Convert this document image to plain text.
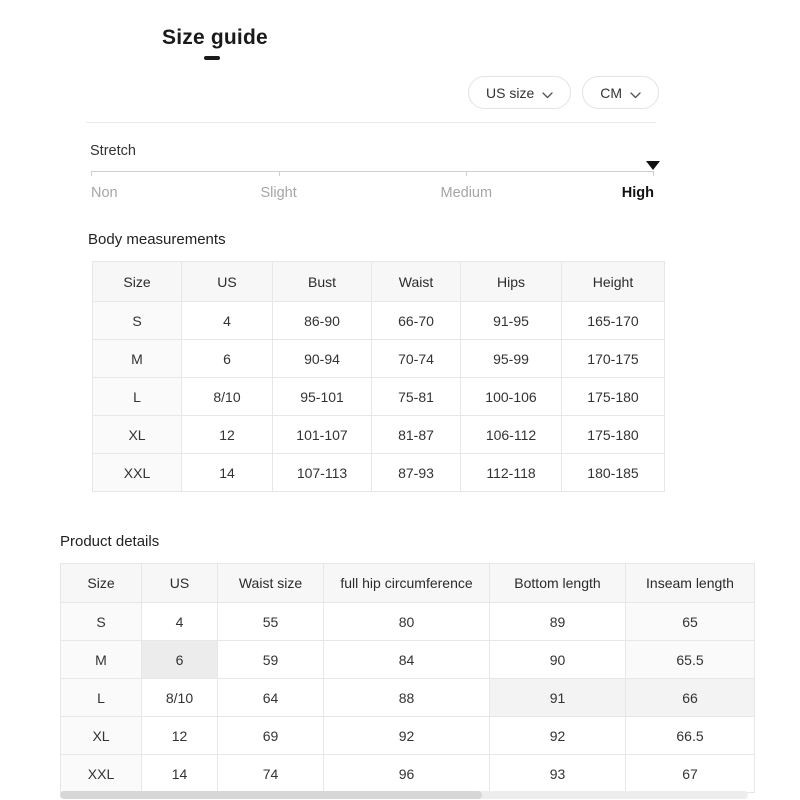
Size guide
US size	CM
Stretch
Non	Slight	Medium	High
Body measurements
Size	US	Bust	Waist	Hips	Height
S	4	86-90	66-70	91-95	165-170
M	6	90-94	70-74	95-99	170-175
L	8/10	95-101	75-81	100-106	175-180
XL	12	101-107	81-87	106-112	175-180
XXL	14	107-113	87-93	112-118	180-185
Product details
Size	US	Waist size	full hip circumference	Bottom length	Inseam length
S	4	55	80	89	65
M	6	59	84	90	65.5
L	8/10	64	88	91	66
XL	12	69	92	92	66.5
XXL	14	74	96	93	67
